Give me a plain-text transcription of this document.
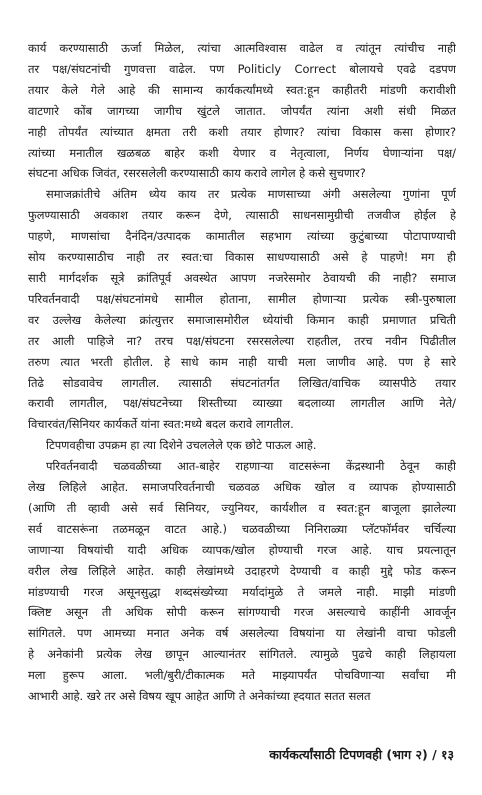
कार्य करण्यासाठी ऊर्जा मिळेल, त्यांचा आत्मविश्वास वाढेल व त्यांतून त्यांचीच नाही
तर पक्ष/संघटनांची गुणवत्ता वाढेल. पण Politicly Correct बोलायचे एवढे दडपण
तयार केले गेले आहे की सामान्य कार्यकर्त्यांमध्ये स्वत:हून काहीतरी मांडणी करावीशी
वाटणारे कोंब जागच्या जागीच खुंटले जातात. जोपर्यंत त्यांना अशी संधी मिळत
नाही तोपर्यंत त्यांच्यात क्षमता तरी कशी तयार होणार? त्यांचा विकास कसा होणार?
त्यांच्या मनातील खळबळ बाहेर कशी येणार व नेतृत्वाला, निर्णय घेणाऱ्यांना पक्ष/
संघटना अधिक जिवंत, रसरसलेली करण्यासाठी काय करावे लागेल हे कसे सुचणार?
समाजक्रांतीचे अंतिम ध्येय काय तर प्रत्येक माणसाच्या अंगी असलेल्या गुणांना पूर्ण
फुलण्यासाठी अवकाश तयार करून देणे, त्यासाठी साधनसामुग्रीची तजवीज होईल हे
पाहणे, माणसांचा दैनंदिन/उत्पादक कामातील सहभाग त्यांच्या कुटुंबाच्या पोटापाण्याची
सोय करण्यासाठीच नाही तर स्वत:चा विकास साधण्यासाठी असे हे पाहणे! मग ही
सारी मार्गदर्शक सूत्रे क्रांतिपूर्व अवस्थेत आपण नजरेसमोर ठेवायची की नाही? समाज
परिवर्तनवादी पक्ष/संघटनांमधे सामील होताना, सामील होणाऱ्या प्रत्येक स्त्री-पुरुषाला
वर उल्लेख केलेल्या क्रांत्युत्तर समाजासमोरील ध्येयांची किमान काही प्रमाणात प्रचिती
तर आली पाहिजे ना? तरच पक्ष/संघटना रसरसलेल्या राहतील, तरच नवीन पिढीतील
तरुण त्यात भरती होतील. हे साधे काम नाही याची मला जाणीव आहे. पण हे सारे
तिढे सोडवावेच लागतील. त्यासाठी संघटनांतर्गत लिखित/वाचिक व्यासपीठे तयार
करावी लागतील, पक्ष/संघटनेच्या शिस्तीच्या व्याख्या बदलाव्या लागतील आणि नेते/
विचारवंत/सिनियर कार्यकर्ते यांना स्वत:मध्ये बदल करावे लागतील.
टिपणवहीचा उपक्रम हा त्या दिशेने उचललेले एक छोटे पाऊल आहे.
परिवर्तनवादी चळवळीच्या आत-बाहेर राहणाऱ्या वाटसरूंना केंद्रस्थानी ठेवून काही
लेख लिहिले आहेत. समाजपरिवर्तनाची चळवळ अधिक खोल व व्यापक होण्यासाठी
(आणि ती व्हावी असे सर्व सिनियर, ज्युनियर, कार्यशील व स्वत:हून बाजूला झालेल्या
सर्व वाटसरूंना तळमळून वाटत आहे.) चळवळीच्या निनिराळ्या प्लॅटफॉर्मवर चर्चिल्या
जाणाऱ्या विषयांची यादी अधिक व्यापक/खोल होण्याची गरज आहे. याच प्रयत्नातून
वरील लेख लिहिले आहेत. काही लेखांमध्ये उदाहरणे देण्याची व काही मुद्दे फोड करून
मांडण्याची गरज असूनसुद्धा शब्दसंख्येच्या मर्यादांमुळे ते जमले नाही. माझी मांडणी
क्लिष्ट असून ती अधिक सोपी करून सांगण्याची गरज असल्याचे काहींनी आवर्जून
सांगितले. पण आमच्या मनात अनेक वर्ष असलेल्या विषयांना या लेखांनी वाचा फोडली
हे अनेकांनी प्रत्येक लेख छापून आल्यानंतर सांगितले. त्यामुळे पुढचे काही लिहायला
मला हुरूप आला. भली/बुरी/टीकात्मक मते माझ्यापर्यंत पोचविणाऱ्या सर्वांचा मी
आभारी आहे. खरे तर असे विषय खूप आहेत आणि ते अनेकांच्या ह्दयात सतत सलत
कार्यकर्त्यांसाठी टिपणवही (भाग २) / १३
